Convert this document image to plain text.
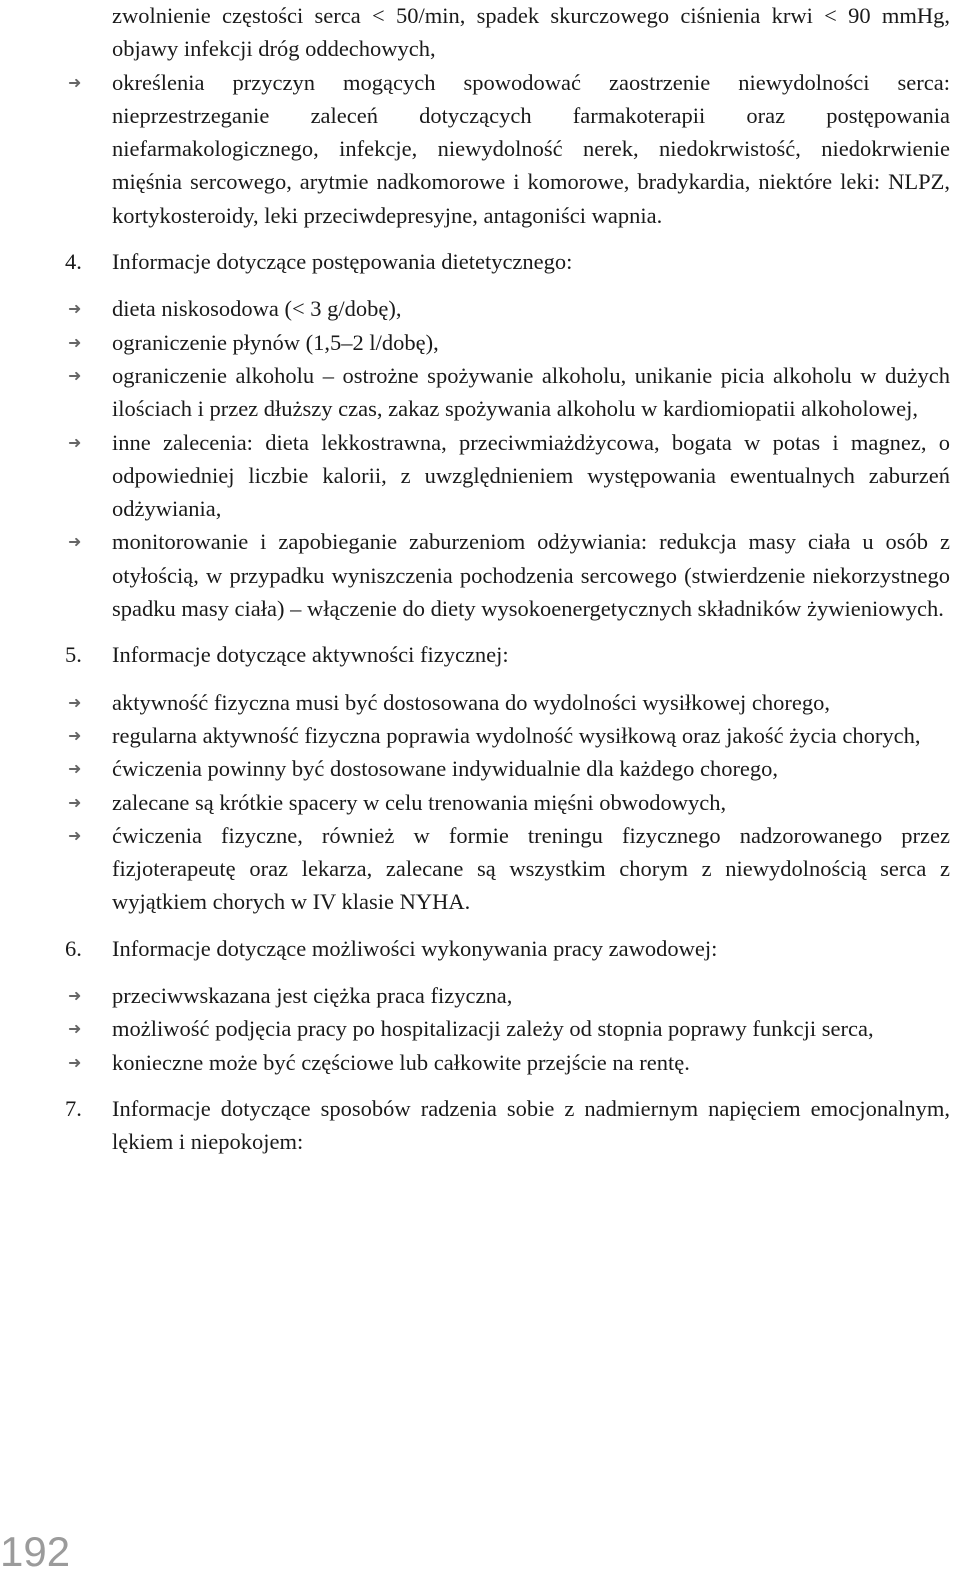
zwolnienie częstości serca < 50/min, spadek skurczowego ciśnienia krwi < 90 mmHg, objawy infekcji dróg oddechowych,
➜	określenia przyczyn mogących spowodować zaostrzenie niewydolności serca: nieprzestrzeganie zaleceń dotyczących farmakoterapii oraz postępowania niefarmakologicznego, infekcje, niewydolność nerek, niedokrwistość, niedokrwienie mięśnia sercowego, arytmie nadkomorowe i komorowe, bradykardia, niektóre leki: NLPZ, kortykosteroidy, leki przeciwdepresyjne, antagoniści wapnia.
4.	Informacje dotyczące postępowania dietetycznego:
➜	dieta niskosodowa (< 3 g/dobę),
➜	ograniczenie płynów (1,5–2 l/dobę),
➜	ograniczenie alkoholu – ostrożne spożywanie alkoholu, unikanie picia alkoholu w dużych ilościach i przez dłuższy czas, zakaz spożywania alkoholu w kardiomiopatii alkoholowej,
➜	inne zalecenia: dieta lekkostrawna, przeciwmiażdżycowa, bogata w potas i magnez, o odpowiedniej liczbie kalorii, z uwzględnieniem występowania ewentualnych zaburzeń odżywiania,
➜	monitorowanie i zapobieganie zaburzeniom odżywiania: redukcja masy ciała u osób z otyłością, w przypadku wyniszczenia pochodzenia sercowego (stwierdzenie niekorzystnego spadku masy ciała) – włączenie do diety wysokoenergetycznych składników żywieniowych.
5.	Informacje dotyczące aktywności fizycznej:
➜	aktywność fizyczna musi być dostosowana do wydolności wysiłkowej chorego,
➜	regularna aktywność fizyczna poprawia wydolność wysiłkową oraz jakość życia chorych,
➜	ćwiczenia powinny być dostosowane indywidualnie dla każdego chorego,
➜	zalecane są krótkie spacery w celu trenowania mięśni obwodowych,
➜	ćwiczenia fizyczne, również w formie treningu fizycznego nadzorowanego przez fizjoterapeutę oraz lekarza, zalecane są wszystkim chorym z niewydolnością serca z wyjątkiem chorych w IV klasie NYHA.
6.	Informacje dotyczące możliwości wykonywania pracy zawodowej:
➜	przeciwwskazana jest ciężka praca fizyczna,
➜	możliwość podjęcia pracy po hospitalizacji zależy od stopnia poprawy funkcji serca,
➜	konieczne może być częściowe lub całkowite przejście na rentę.
7.	Informacje dotyczące sposobów radzenia sobie z nadmiernym napięciem emocjonalnym, lękiem i niepokojem:
192
